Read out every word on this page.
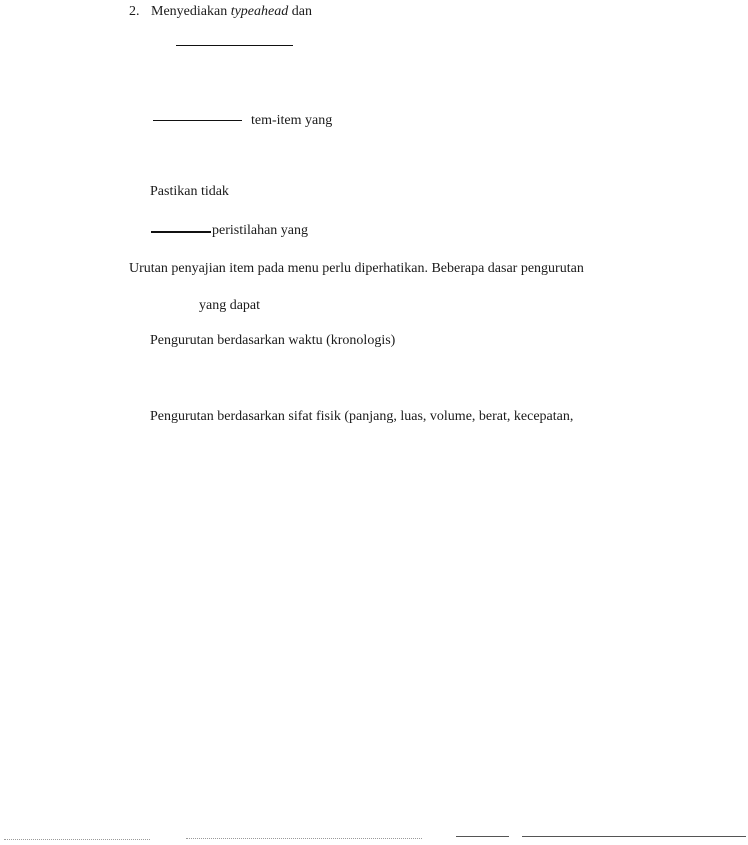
2. Menyediakan typeahead dan
tem-item yang
Pastikan tidak
peristilahan yang
Urutan penyajian item pada menu perlu diperhatikan. Beberapa dasar pengurutan
yang dapat
Pengurutan berdasarkan waktu (kronologis)
Pengurutan berdasarkan sifat fisik (panjang, luas, volume, berat, kecepatan,
